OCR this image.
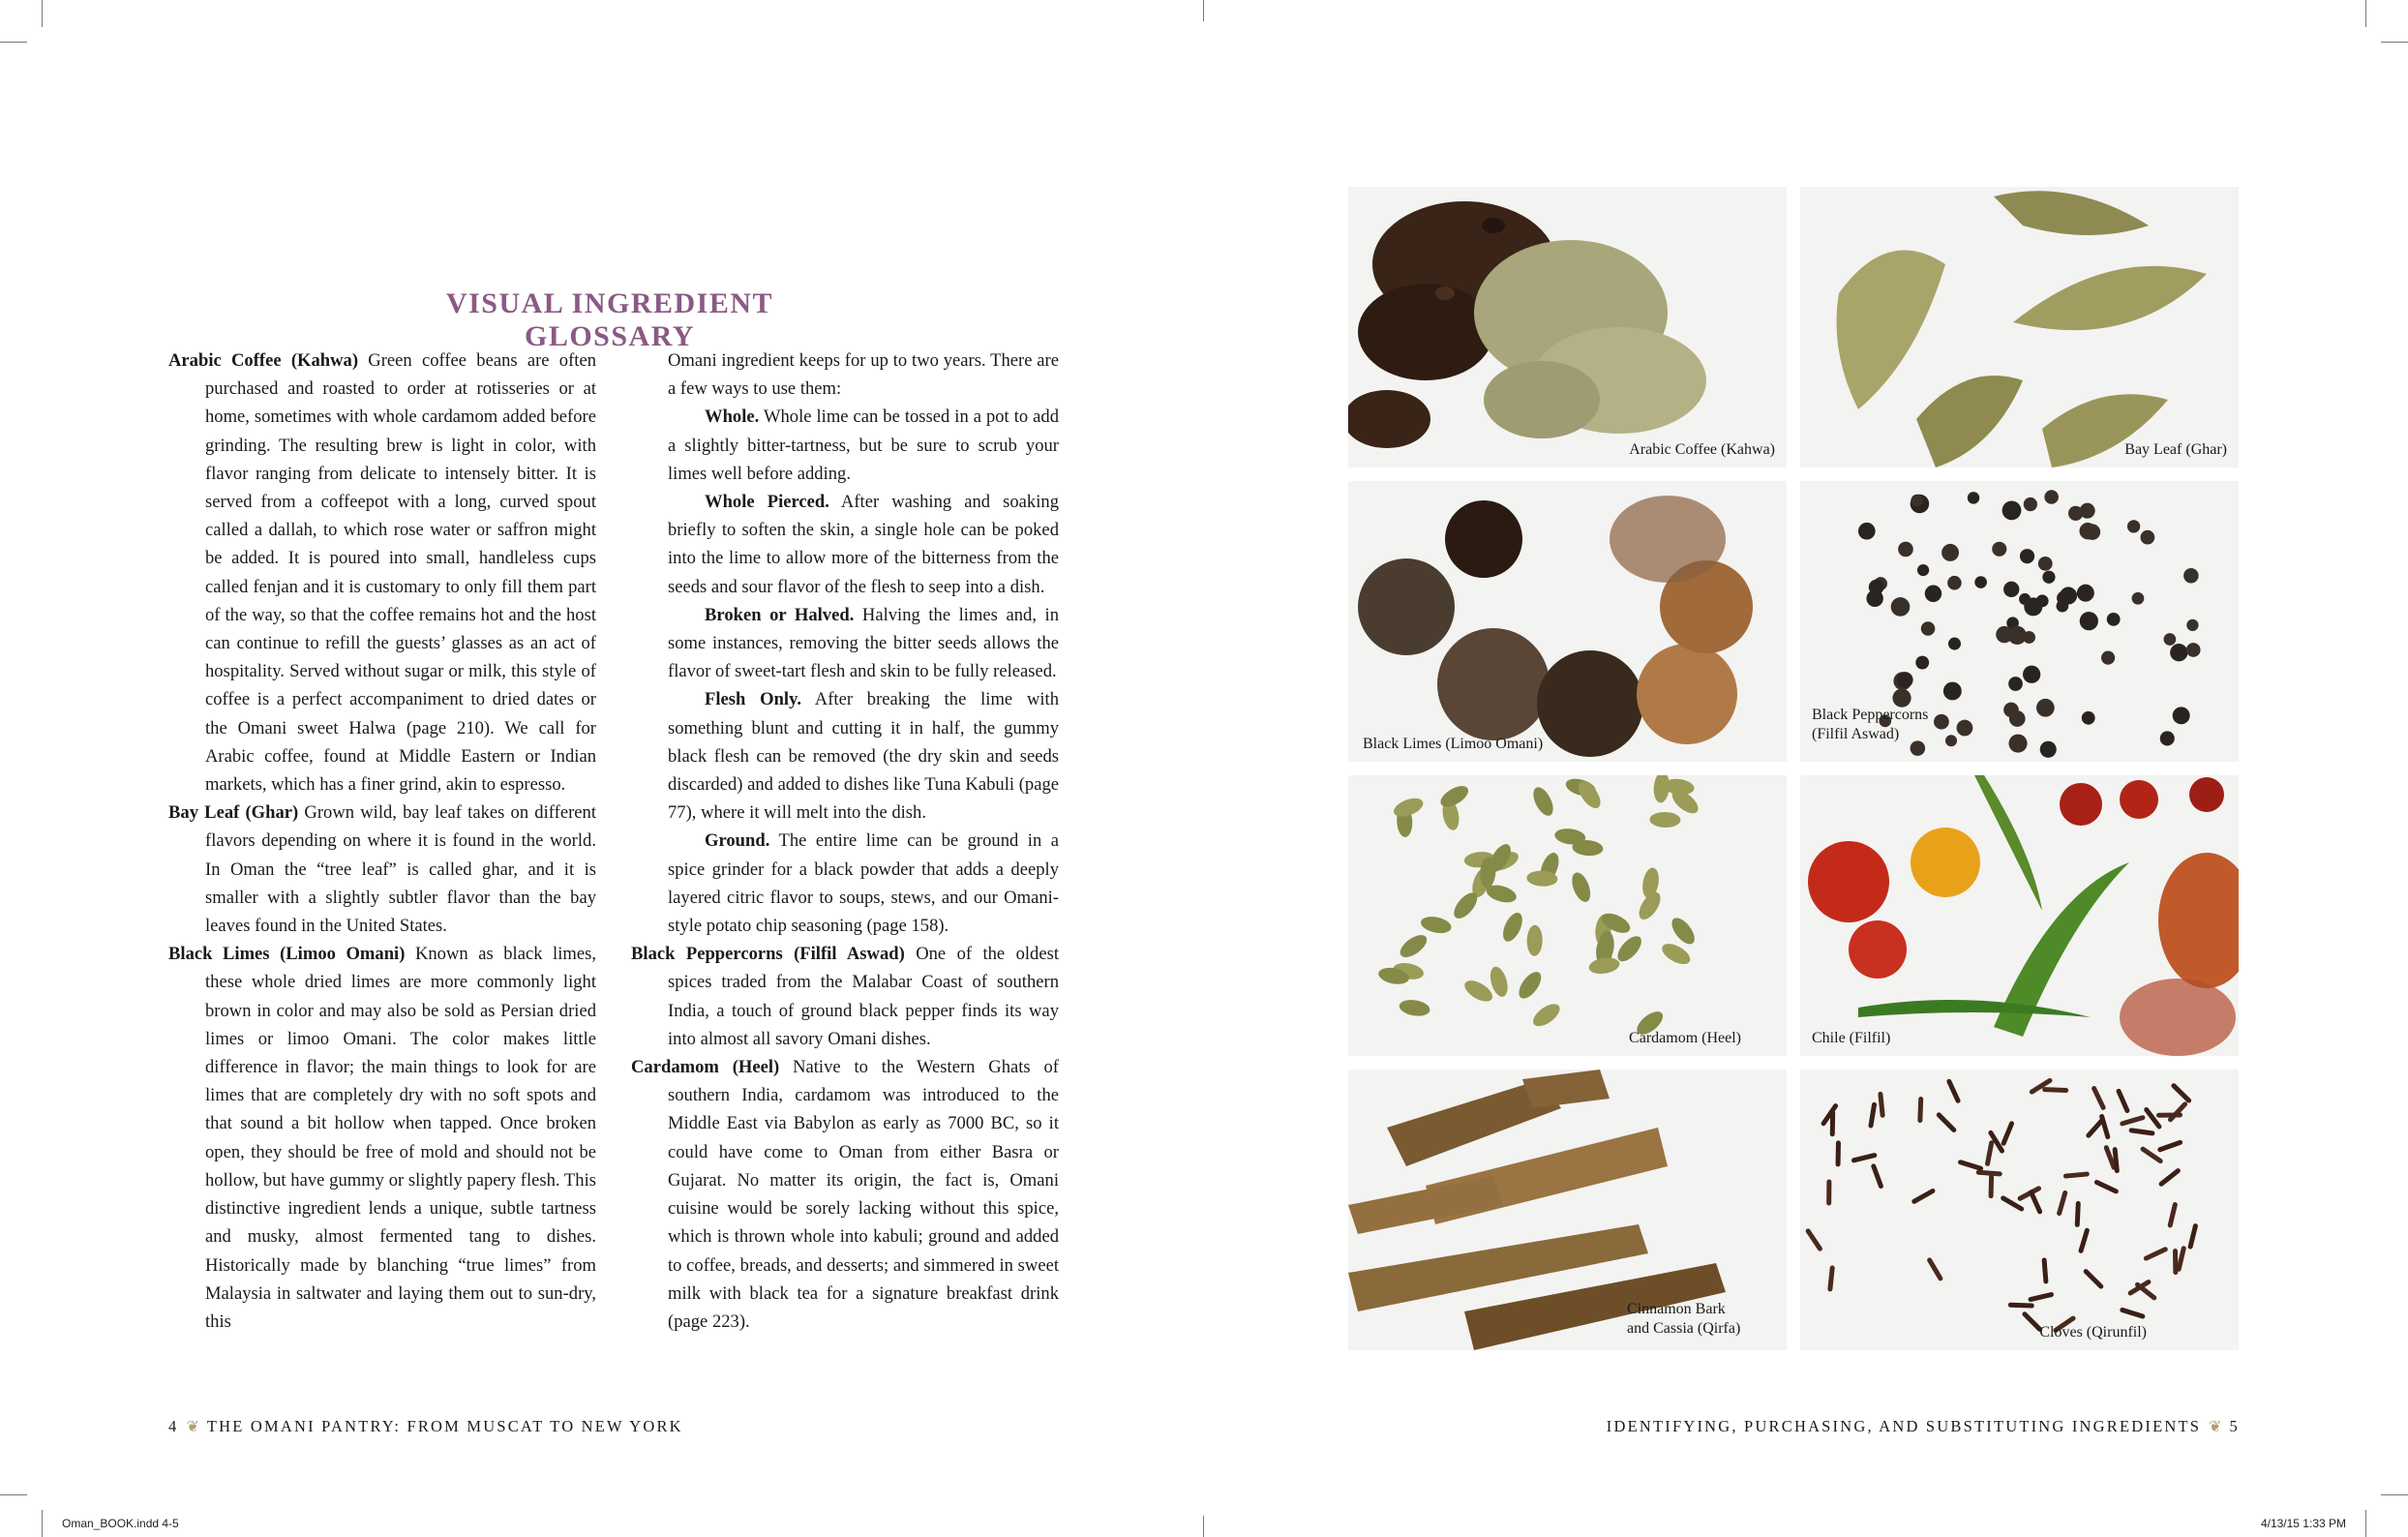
VISUAL INGREDIENT GLOSSARY

Arabic Coffee (Kahwa) Green coffee beans are often purchased and roasted to order at rotisseries or at home, sometimes with whole cardamom added before grinding. The resulting brew is light in color, with flavor ranging from delicate to intensely bitter. It is served from a coffeepot with a long, curved spout called a dallah, to which rose water or saffron might be added. It is poured into small, handleless cups called fenjan and it is customary to only fill them part of the way, so that the coffee remains hot and the host can continue to refill the guests’ glasses as an act of hospitality. Served without sugar or milk, this style of coffee is a perfect accompaniment to dried dates or the Omani sweet Halwa (page 210). We call for Arabic coffee, found at Middle Eastern or Indian markets, which has a finer grind, akin to espresso.

Bay Leaf (Ghar) Grown wild, bay leaf takes on different flavors depending on where it is found in the world. In Oman the “tree leaf” is called ghar, and it is smaller with a slightly subtler flavor than the bay leaves found in the United States.

Black Limes (Limoo Omani) Known as black limes, these whole dried limes are more commonly light brown in color and may also be sold as Persian dried limes or limoo Omani. The color makes little difference in flavor; the main things to look for are limes that are completely dry with no soft spots and that sound a bit hollow when tapped. Once broken open, they should be free of mold and should not be hollow, but have gummy or slightly papery flesh. This distinctive ingredient lends a unique, subtle tartness and musky, almost fermented tang to dishes. Historically made by blanching “true limes” from Malaysia in saltwater and laying them out to sun-dry, this

Omani ingredient keeps for up to two years. There are a few ways to use them:

Whole. Whole lime can be tossed in a pot to add a slightly bitter-tartness, but be sure to scrub your limes well before adding.

Whole Pierced. After washing and soaking briefly to soften the skin, a single hole can be poked into the lime to allow more of the bitterness from the seeds and sour flavor of the flesh to seep into a dish.

Broken or Halved. Halving the limes and, in some instances, removing the bitter seeds allows the flavor of sweet-tart flesh and skin to be fully released.

Flesh Only. After breaking the lime with something blunt and cutting it in half, the gummy black flesh can be removed (the dry skin and seeds discarded) and added to dishes like Tuna Kabuli (page 77), where it will melt into the dish.

Ground. The entire lime can be ground in a spice grinder for a black powder that adds a deeply layered citric flavor to soups, stews, and our Omani-style potato chip seasoning (page 158).

Black Peppercorns (Filfil Aswad) One of the oldest spices traded from the Malabar Coast of southern India, a touch of ground black pepper finds its way into almost all savory Omani dishes.

Cardamom (Heel) Native to the Western Ghats of southern India, cardamom was introduced to the Middle East via Babylon as early as 7000 BC, so it could have come to Oman from either Basra or Gujarat. No matter its origin, the fact is, Omani cuisine would be sorely lacking without this spice, which is thrown whole into kabuli; ground and added to coffee, breads, and desserts; and simmered in sweet milk with black tea for a signature breakfast drink (page 223).

Arabic Coffee (Kahwa)	Bay Leaf (Ghar)
Black Limes (Limoo Omani)
Black Peppercorns
(Filfil Aswad)
Cardamom (Heel)	Chile (Filfil)
Cinnamon Bark
and Cassia (Qirfa)	Cloves (Qirunfil)
4 ❦ THE OMANI PANTRY: FROM MUSCAT TO NEW YORK	IDENTIFYING, PURCHASING, AND SUBSTITUTING INGREDIENTS ❦ 5
Oman_BOOK.indd 4-5	4/13/15 1:33 PM
